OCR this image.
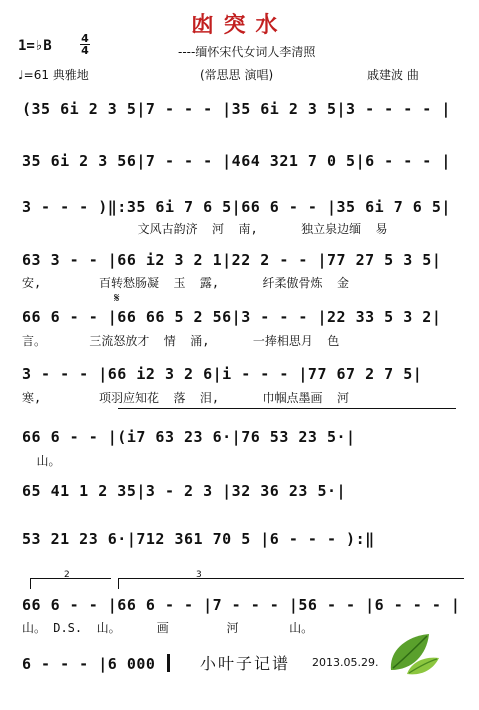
凼突水
1=♭B	4
4	----缅怀宋代女词人李清照
♩=61 典雅地	(常思思 演唱)	戚建波 曲
(35 6i 2 3 5|7 - - - |35 6i 2 3 5|3 - - - - |
35 6i 2 3 56|7 - - - |464 321 7 0 5|6 - - - |
3 - - - )‖:35 6i 7 6 5|66 6 - - |35 6i 7 6 5|
文风古韵济  河  南,      独立泉边缅  易
63 3 - - |66 i2 3 2 1|22 2 - - |77 27 5 3 5|
安,        百转愁肠凝  玉  露,      纤柔傲骨炼  金
𝄋
66 6 - - |66 66 5 2 56|3 - - - |22 33 5 3 2|
言。      三流怒放才  情  涌,      一捧相思月  色
3 - - - |66 i2 3 2 6|i - - - |77 67 2 7 5|
寒,        项羽应知花  落  泪,      巾帼点墨画  河
66 6 - - |(i7 63 23 6·|76 53 23 5·|
山。
65 41 1 2 35|3 - 2 3 |32 36 23 5·|
53 21 23 6·|712 361 70 5 |6 - - - ):‖
2	3
66 6 - - |66 6 - - |7 - - - |56 - - |6 - - - |
山。 D.S.  山。     画        河       山。
6 - - - |6 000	小叶子记谱 2013.05.29.
